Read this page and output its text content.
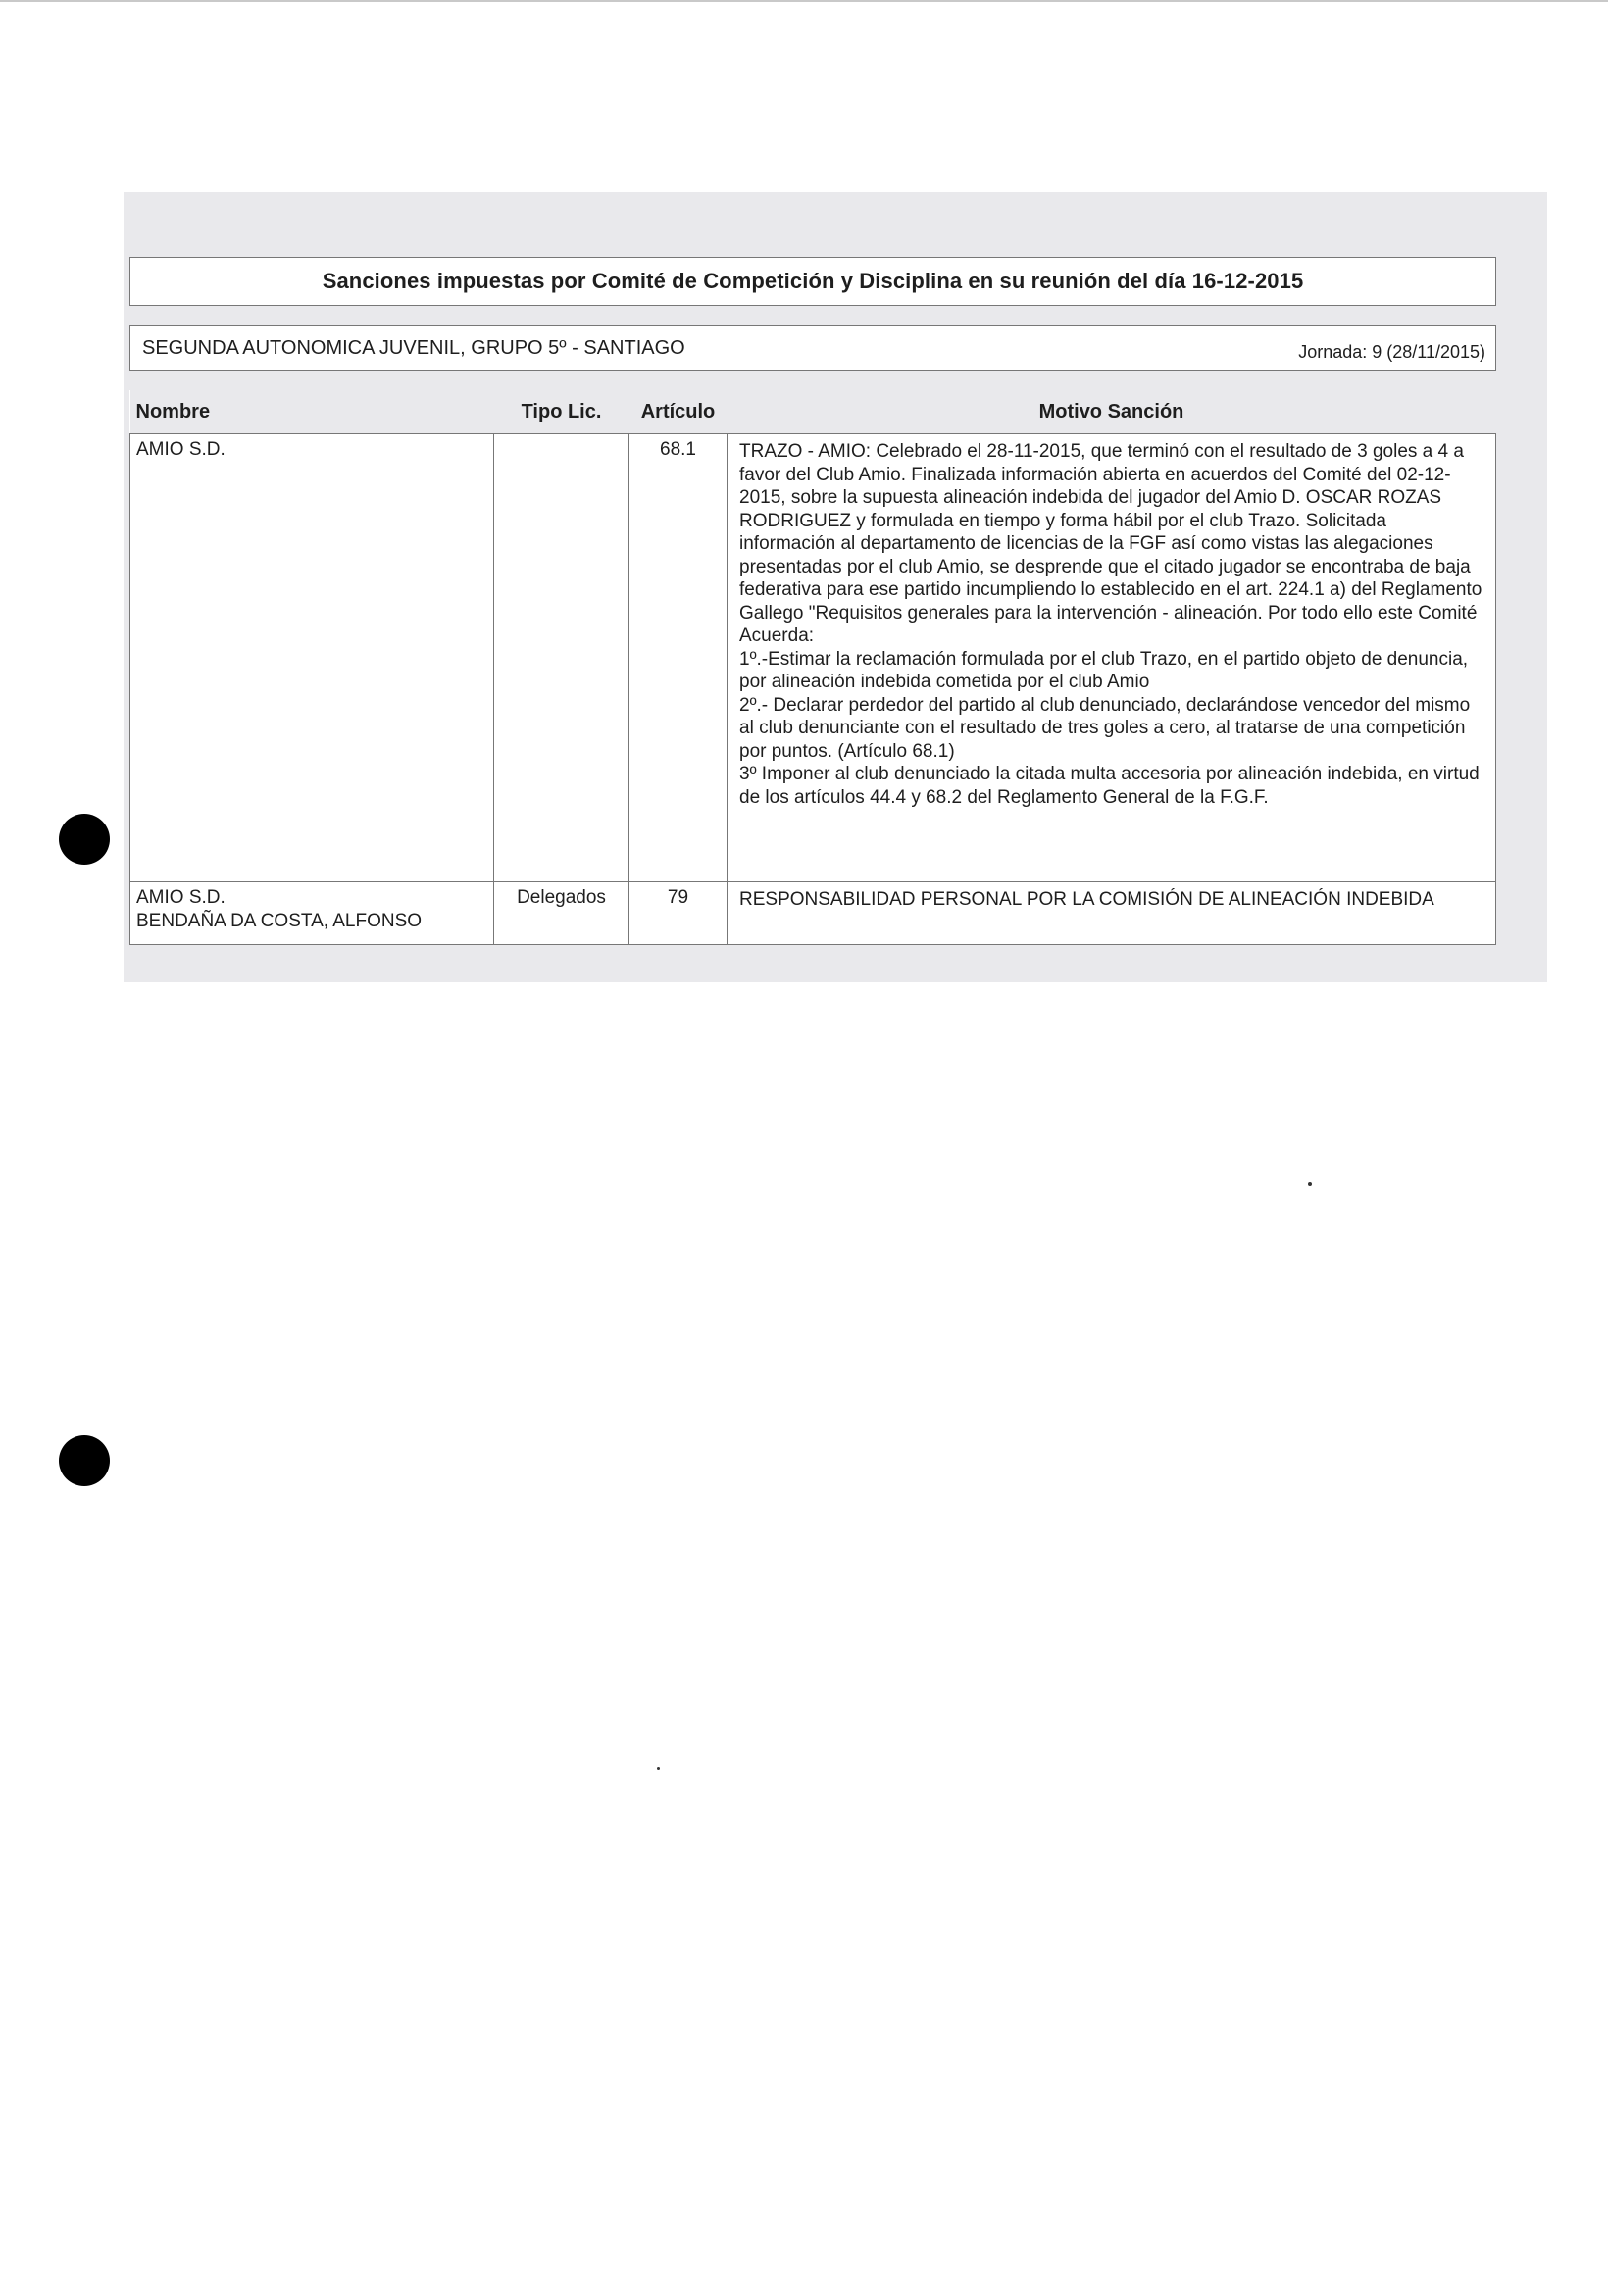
Sanciones impuestas por Comité de Competición y Disciplina en su reunión del día 16-12-2015
SEGUNDA AUTONOMICA JUVENIL, GRUPO 5º - SANTIAGO	Jornada: 9 (28/11/2015)
Nombre	Tipo Lic.	Artículo	Motivo Sanción

AMIO S.D.		68.1	TRAZO - AMIO: Celebrado el 28-11-2015, que terminó con el resultado de 3 goles a 4 a favor del Club Amio. Finalizada información abierta en acuerdos del Comité del 02-12-2015, sobre la supuesta alineación indebida del jugador del Amio D. OSCAR ROZAS RODRIGUEZ y formulada en tiempo y forma hábil por el club Trazo. Solicitada información al departamento de licencias de la FGF así como vistas las alegaciones presentadas por el club Amio, se desprende que el citado jugador se encontraba de baja federativa para ese partido incumpliendo lo establecido en el art. 224.1 a) del Reglamento Gallego "Requisitos generales para la intervención - alineación. Por todo ello este Comité Acuerda:
1º.-Estimar la reclamación formulada por el club Trazo, en el partido objeto de denuncia, por alineación indebida cometida por el club Amio
2º.- Declarar perdedor del partido al club denunciado, declarándose vencedor del mismo al club denunciante con el resultado de tres goles a cero, al tratarse de una competición por puntos. (Artículo 68.1)
3º Imponer al club denunciado la citada multa accesoria por alineación indebida, en virtud de los artículos 44.4 y 68.2 del Reglamento General de la F.G.F.

AMIO S.D.
BENDAÑA DA COSTA, ALFONSO	Delegados	79	RESPONSABILIDAD PERSONAL POR LA COMISIÓN DE ALINEACIÓN INDEBIDA
